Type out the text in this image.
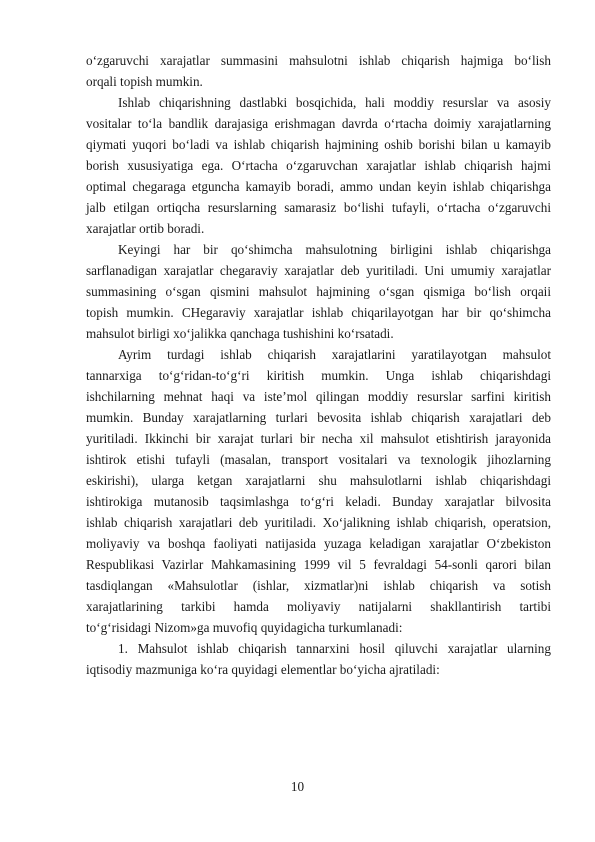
o‘zgaruvchi xarajatlar summasini mahsulotni ishlab chiqarish hajmiga bo‘lish
orqali topish mumkin.
Ishlab chiqarishning dastlabki bosqichida, hali moddiy resurslar va asosiy
vositalar to‘la bandlik darajasiga erishmagan davrda o‘rtacha doimiy xarajatlarning
qiymati yuqori bo‘ladi va ishlab chiqarish hajmining oshib borishi bilan u kamayib
borish xususiyatiga ega. O‘rtacha o‘zgaruvchan xarajatlar ishlab chiqarish hajmi
optimal chegaraga etguncha kamayib boradi, ammo undan keyin ishlab chiqarishga
jalb etilgan ortiqcha resurslarning samarasiz bo‘lishi tufayli, o‘rtacha o‘zgaruvchi
xarajatlar ortib boradi.
Keyingi har bir qo‘shimcha mahsulotning birligini ishlab chiqarishga
sarflanadigan xarajatlar chegaraviy xarajatlar deb yuritiladi. Uni umumiy xarajatlar
summasining o‘sgan qismini mahsulot hajmining o‘sgan qismiga bo‘lish orqaii
topish mumkin. CHegaraviy xarajatlar ishlab chiqarilayotgan har bir qo‘shimcha
mahsulot birligi xo‘jalikka qanchaga tushishini ko‘rsatadi.
Ayrim turdagi ishlab chiqarish xarajatlarini yaratilayotgan mahsulot
tannarxiga to‘g‘ridan-to‘g‘ri kiritish mumkin. Unga ishlab chiqarishdagi
ishchilarning mehnat haqi va iste’mol qilingan moddiy resurslar sarfini kiritish
mumkin. Bunday xarajatlarning turlari bevosita ishlab chiqarish xarajatlari deb
yuritiladi. Ikkinchi bir xarajat turlari bir necha xil mahsulot etishtirish jarayonida
ishtirok etishi tufayli (masalan, transport vositalari va texnologik jihozlarning
eskirishi), ularga ketgan xarajatlarni shu mahsulotlarni ishlab chiqarishdagi
ishtirokiga mutanosib taqsimlashga to‘g‘ri keladi. Bunday xarajatlar bilvosita
ishlab chiqarish xarajatlari deb yuritiladi. Xo‘jalikning ishlab chiqarish, operatsion,
moliyaviy va boshqa faoliyati natijasida yuzaga keladigan xarajatlar O‘zbekiston
Respublikasi Vazirlar Mahkamasining 1999 vil 5 fevraldagi 54-sonli qarori bilan
tasdiqlangan «Mahsulotlar (ishlar, xizmatlar)ni ishlab chiqarish va sotish
xarajatlarining tarkibi hamda moliyaviy natijalarni shakllantirish tartibi
to‘g‘risidagi Nizom»ga muvofiq quyidagicha turkumlanadi:
1. Mahsulot ishlab chiqarish tannarxini hosil qiluvchi xarajatlar ularning
iqtisodiy mazmuniga ko‘ra quyidagi elementlar bo‘yicha ajratiladi:
10
